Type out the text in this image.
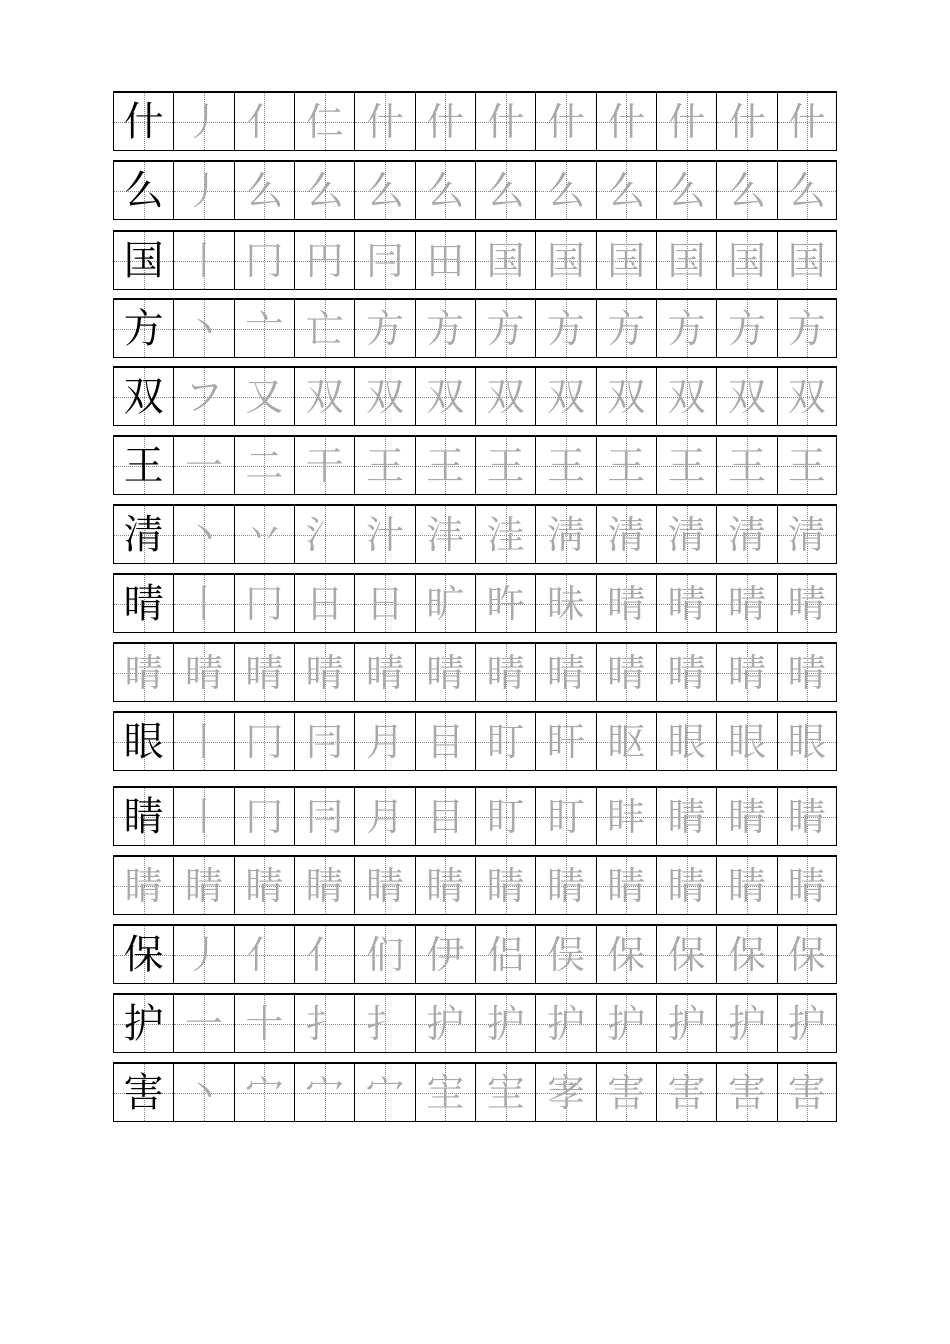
什 丿 亻 仁 什 什 什 什 什 什 什 什
么 丿 么 么 么 么 么 么 么 么 么 么
国 丨 冂 円 冃 田 国 国 国 国 国 国
方 丶 亠 亡 方 方 方 方 方 方 方 方
双 フ 又 双 双 双 双 双 双 双 双 双
王 一 二 干 王 王 王 王 王 王 王 王
清 丶 丷 氵 汁 沣 洼 淸 清 清 清 清
晴 丨 冂 日 日 旷 旿 昧 晴 晴 晴 晴
晴 晴 晴 晴 晴 晴 晴 晴 晴 晴 晴 晴
眼 丨 冂 冃 月 目 盯 盰 眍 眼 眼 眼
睛 丨 冂 冃 月 目 盯 盯 盽 睛 睛 睛
睛 睛 睛 睛 睛 睛 睛 睛 睛 睛 睛 睛
保 丿 亻 亻 们 伊 侣 俣 保 保 保 保
护 一 十 扌 扌 护 护 护 护 护 护 护
害 丶 宀 宀 宀 宔 宔 宯 害 害 害 害
